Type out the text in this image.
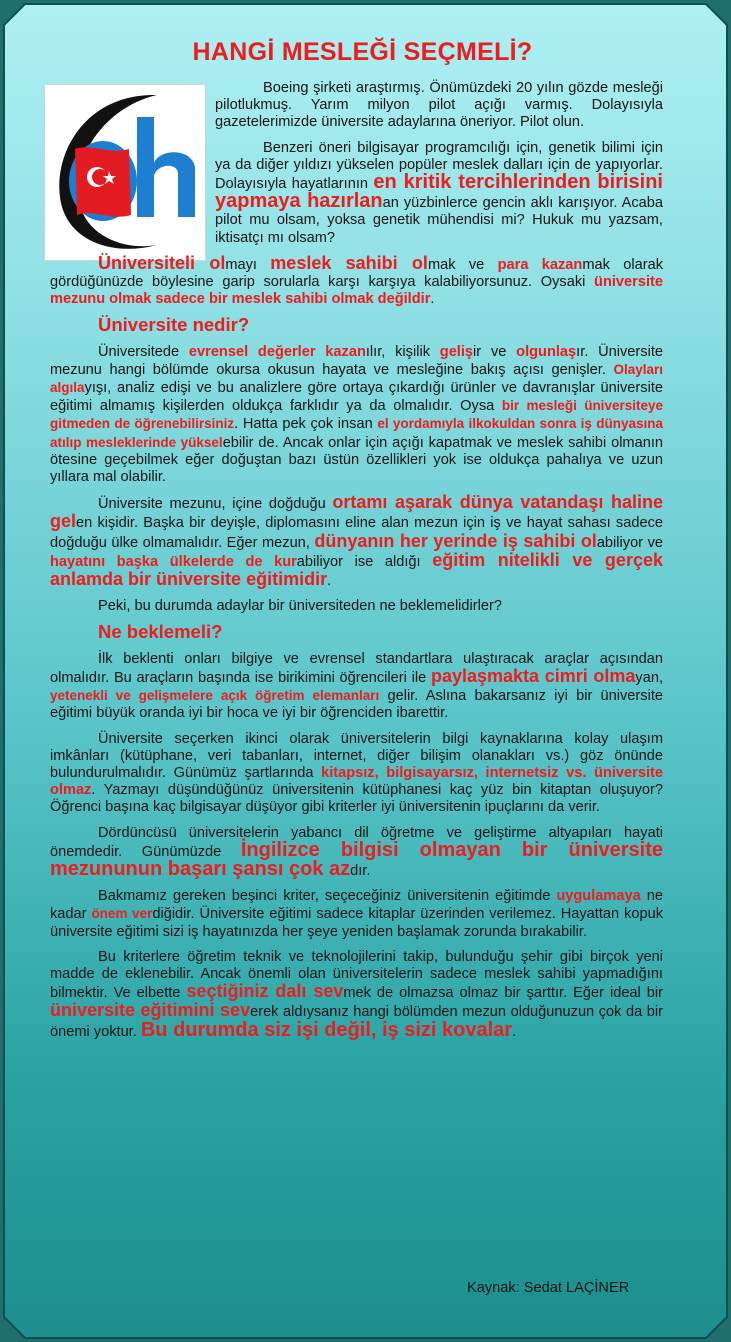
HANGİ MESLEĞİ SEÇMELİ?

Boeing şirketi araştırmış. Önümüzdeki 20 yılın gözde mesleği pilotlukmuş. Yarım milyon pilot açığı varmış. Dolayısıyla gazetelerimizde üniversite adaylarına öneriyor. Pilot olun.

Benzeri öneri bilgisayar programcılığı için, genetik bilimi için ya da diğer yıldızı yükselen popüler meslek dalları için de yapıyorlar. Dolayısıyla hayatlarının en kritik tercihlerinden birisini yapmaya hazırlanan yüzbinlerce gencin aklı karışıyor. Acaba pilot mu olsam, yoksa genetik mühendisi mi? Hukuk mu yazsam, iktisatçı mı olsam?

Üniversiteli olmayı meslek sahibi olmak ve para kazanmak olarak gördüğünüzde böylesine garip sorularla karşı karşıya kalabiliyorsunuz. Oysaki üniversite mezunu olmak sadece bir meslek sahibi olmak değildir.

Üniversite nedir?

Üniversitede evrensel değerler kazanılır, kişilik gelişir ve olgunlaşır. Üniversite mezunu hangi bölümde okursa okusun hayata ve mesleğine bakış açısı genişler. Olayları algılayışı, analiz edişi ve bu analizlere göre ortaya çıkardığı ürünler ve davranışlar üniversite eğitimi almamış kişilerden oldukça farklıdır ya da olmalıdır. Oysa bir mesleği üniversiteye gitmeden de öğrenebilirsiniz. Hatta pek çok insan el yordamıyla ilkokuldan sonra iş dünyasına atılıp mesleklerinde yükselebilir de. Ancak onlar için açığı kapatmak ve meslek sahibi olmanın ötesine geçebilmek eğer doğuştan bazı üstün özellikleri yok ise oldukça pahalıya ve uzun yıllara mal olabilir.

Üniversite mezunu, içine doğduğu ortamı aşarak dünya vatandaşı haline gelen kişidir. Başka bir deyişle, diplomasını eline alan mezun için iş ve hayat sahası sadece doğduğu ülke olmamalıdır. Eğer mezun, dünyanın her yerinde iş sahibi olabiliyor ve hayatını başka ülkelerde de kurabiliyor ise aldığı eğitim nitelikli ve gerçek anlamda bir üniversite eğitimidir.

Peki, bu durumda adaylar bir üniversiteden ne beklemelidirler?

Ne beklemeli?

İlk beklenti onları bilgiye ve evrensel standartlara ulaştıracak araçlar açısından olmalıdır. Bu araçların başında ise birikimini öğrencileri ile paylaşmakta cimri olmayan, yetenekli ve gelişmelere açık öğretim elemanları gelir. Aslına bakarsanız iyi bir üniversite eğitimi büyük oranda iyi bir hoca ve iyi bir öğrenciden ibarettir.

Üniversite seçerken ikinci olarak üniversitelerin bilgi kaynaklarına kolay ulaşım imkânları (kütüphane, veri tabanları, internet, diğer bilişim olanakları vs.) göz önünde bulundurulmalıdır. Günümüz şartlarında kitapsız, bilgisayarsız, internetsiz vs. üniversite olmaz. Yazmayı düşündüğünüz üniversitenin kütüphanesi kaç yüz bin kitaptan oluşuyor? Öğrenci başına kaç bilgisayar düşüyor gibi kriterler iyi üniversitenin ipuçlarını da verir.

Dördüncüsü üniversitelerin yabancı dil öğretme ve geliştirme altyapıları hayati önemdedir. Günümüzde İngilizce bilgisi olmayan bir üniversite mezununun başarı şansı çok azdır.

Bakmamız gereken beşinci kriter, seçeceğiniz üniversitenin eğitimde uygulamaya ne kadar önem verdiğidir. Üniversite eğitimi sadece kitaplar üzerinden verilemez. Hayattan kopuk üniversite eğitimi sizi iş hayatınızda her şeye yeniden başlamak zorunda bırakabilir.

Bu kriterlere öğretim teknik ve teknolojilerini takip, bulunduğu şehir gibi birçok yeni madde de eklenebilir. Ancak önemli olan üniversitelerin sadece meslek sahibi yapmadığını bilmektir. Ve elbette seçtiğiniz dalı sevmek de olmazsa olmaz bir şarttır. Eğer ideal bir üniversite eğitimini severek aldıysanız hangi bölümden mezun olduğunuzun çok da bir önemi yoktur. Bu durumda siz işi değil, iş sizi kovalar.

Kaynak: Sedat LAÇİNER
